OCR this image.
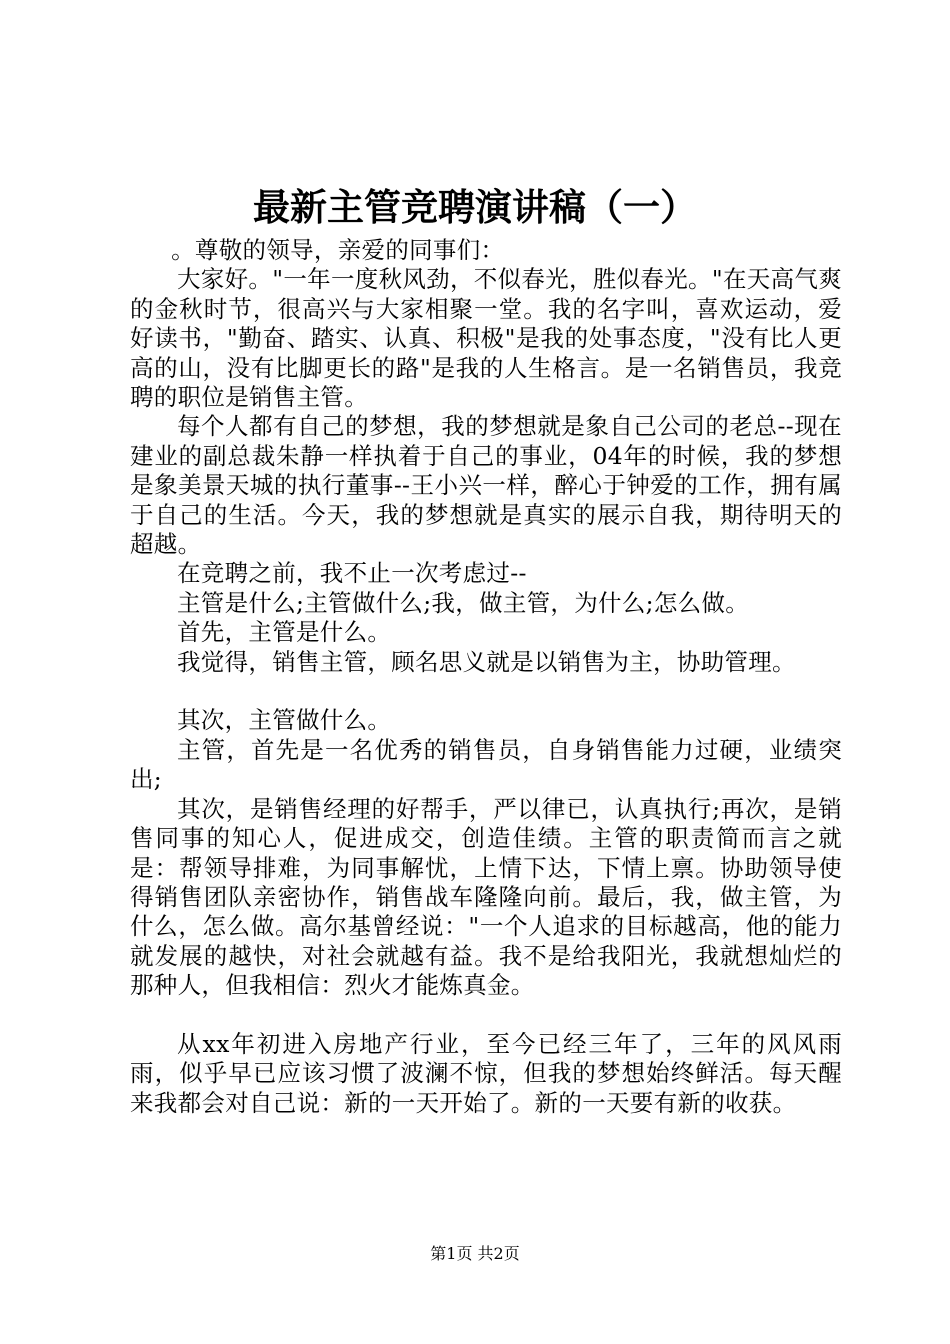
最新主管竞聘演讲稿（一）

。尊敬的领导，亲爱的同事们：

大家好。"一年一度秋风劲，不似春光，胜似春光。"在天高气爽的金秋时节，很高兴与大家相聚一堂。我的名字叫，喜欢运动，爱好读书，"勤奋、踏实、认真、积极"是我的处事态度，"没有比人更高的山，没有比脚更长的路"是我的人生格言。是一名销售员，我竞聘的职位是销售主管。

每个人都有自己的梦想，我的梦想就是象自己公司的老总--现在建业的副总裁朱静一样执着于自己的事业，04年的时候，我的梦想是象美景天城的执行董事--王小兴一样，醉心于钟爱的工作，拥有属于自己的生活。今天，我的梦想就是真实的展示自我，期待明天的超越。

在竞聘之前，我不止一次考虑过--

主管是什么;主管做什么;我，做主管，为什么;怎么做。

首先，主管是什么。

我觉得，销售主管，顾名思义就是以销售为主，协助管理。

其次，主管做什么。

主管，首先是一名优秀的销售员，自身销售能力过硬，业绩突出;

其次，是销售经理的好帮手，严以律已，认真执行;再次，是销售同事的知心人，促进成交，创造佳绩。主管的职责简而言之就是：帮领导排难，为同事解忧，上情下达，下情上禀。协助领导使得销售团队亲密协作，销售战车隆隆向前。最后，我，做主管，为什么，怎么做。高尔基曾经说："一个人追求的目标越高，他的能力就发展的越快，对社会就越有益。我不是给我阳光，我就想灿烂的那种人，但我相信：烈火才能炼真金。

从xx年初进入房地产行业，至今已经三年了，三年的风风雨雨，似乎早已应该习惯了波澜不惊，但我的梦想始终鲜活。每天醒来我都会对自己说：新的一天开始了。新的一天要有新的收获。

第1页 共2页
